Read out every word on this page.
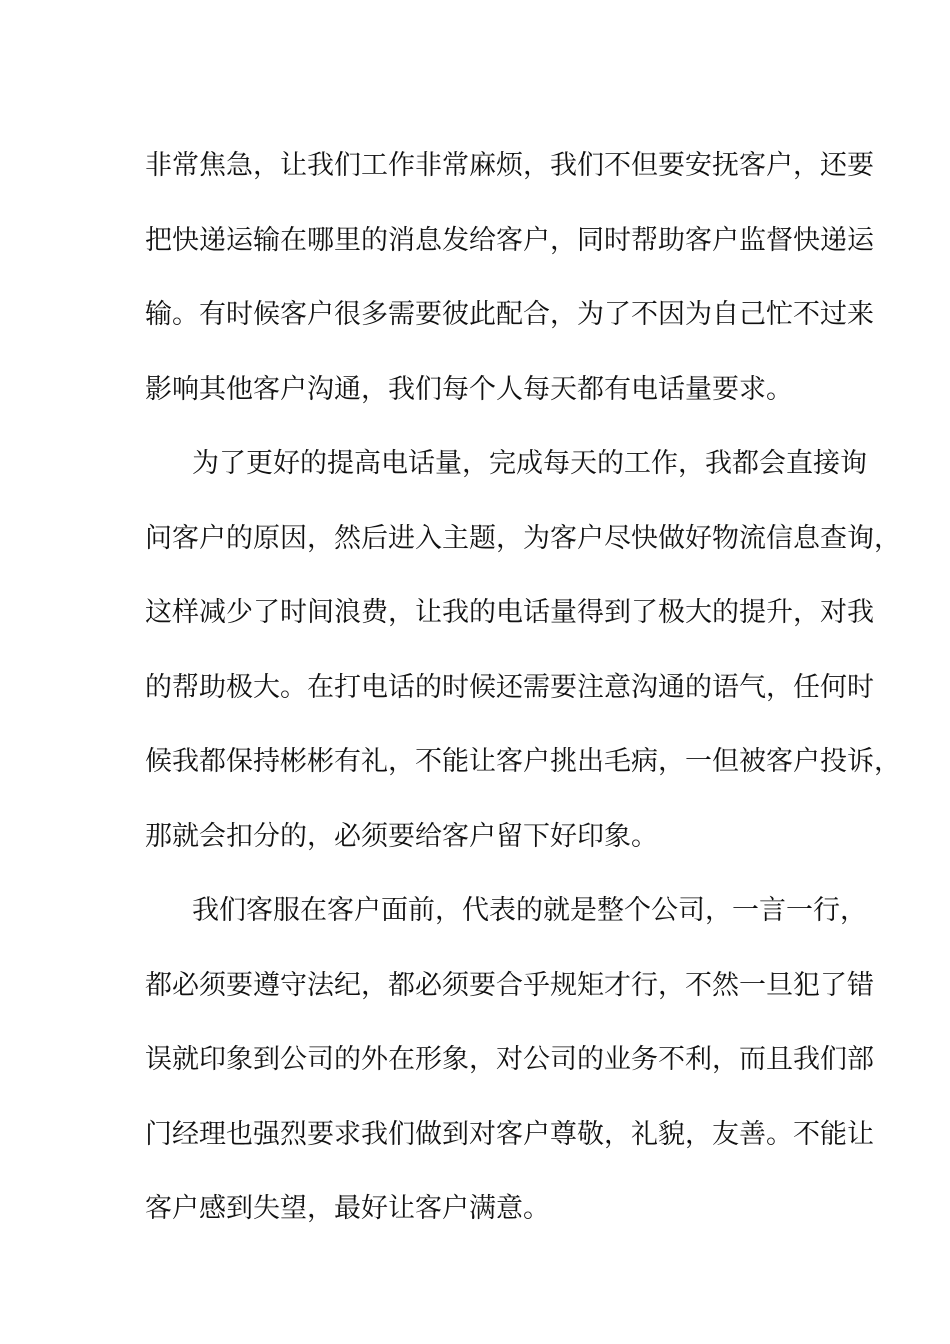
非常焦急，让我们工作非常麻烦，我们不但要安抚客户，还要
把快递运输在哪里的消息发给客户，同时帮助客户监督快递运
输。有时候客户很多需要彼此配合，为了不因为自己忙不过来
影响其他客户沟通，我们每个人每天都有电话量要求。
为了更好的提高电话量，完成每天的工作，我都会直接询
问客户的原因，然后进入主题，为客户尽快做好物流信息查询，
这样减少了时间浪费，让我的电话量得到了极大的提升，对我
的帮助极大。在打电话的时候还需要注意沟通的语气，任何时
候我都保持彬彬有礼，不能让客户挑出毛病，一但被客户投诉，
那就会扣分的，必须要给客户留下好印象。
我们客服在客户面前，代表的就是整个公司，一言一行，
都必须要遵守法纪，都必须要合乎规矩才行，不然一旦犯了错
误就印象到公司的外在形象，对公司的业务不利，而且我们部
门经理也强烈要求我们做到对客户尊敬，礼貌，友善。不能让
客户感到失望，最好让客户满意。
